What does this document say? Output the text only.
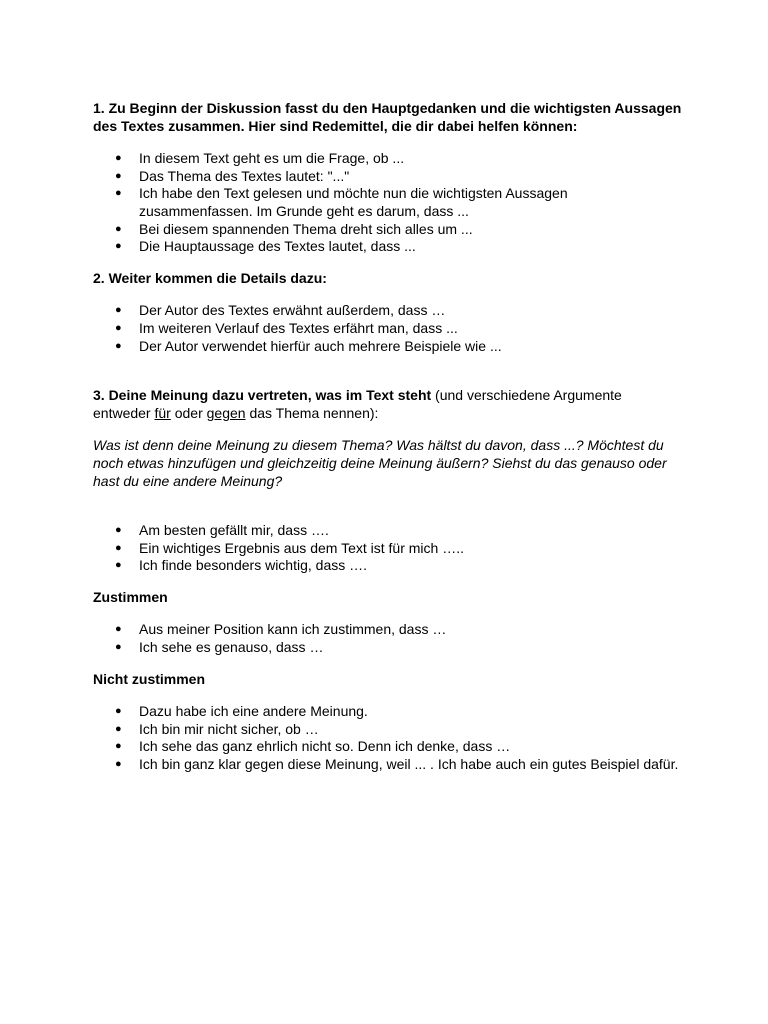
1. Zu Beginn der Diskussion fasst du den Hauptgedanken und die wichtigsten Aussagen des Textes zusammen. Hier sind Redemittel, die dir dabei helfen können:

● In diesem Text geht es um die Frage, ob ...
● Das Thema des Textes lautet: "..."
● Ich habe den Text gelesen und möchte nun die wichtigsten Aussagen zusammenfassen. Im Grunde geht es darum, dass ...
● Bei diesem spannenden Thema dreht sich alles um ...
● Die Hauptaussage des Textes lautet, dass ...

2. Weiter kommen die Details dazu:

● Der Autor des Textes erwähnt außerdem, dass …
● Im weiteren Verlauf des Textes erfährt man, dass ...
● Der Autor verwendet hierfür auch mehrere Beispiele wie ...

3. Deine Meinung dazu vertreten, was im Text steht (und verschiedene Argumente entweder für oder gegen das Thema nennen):

Was ist denn deine Meinung zu diesem Thema? Was hältst du davon, dass ...? Möchtest du noch etwas hinzufügen und gleichzeitig deine Meinung äußern? Siehst du das genauso oder hast du eine andere Meinung?

● Am besten gefällt mir, dass ….
● Ein wichtiges Ergebnis aus dem Text ist für mich …..
● Ich finde besonders wichtig, dass ….

Zustimmen

● Aus meiner Position kann ich zustimmen, dass …
● Ich sehe es genauso, dass …

Nicht zustimmen

● Dazu habe ich eine andere Meinung.
● Ich bin mir nicht sicher, ob …
● Ich sehe das ganz ehrlich nicht so. Denn ich denke, dass …
● Ich bin ganz klar gegen diese Meinung, weil ... . Ich habe auch ein gutes Beispiel dafür.
